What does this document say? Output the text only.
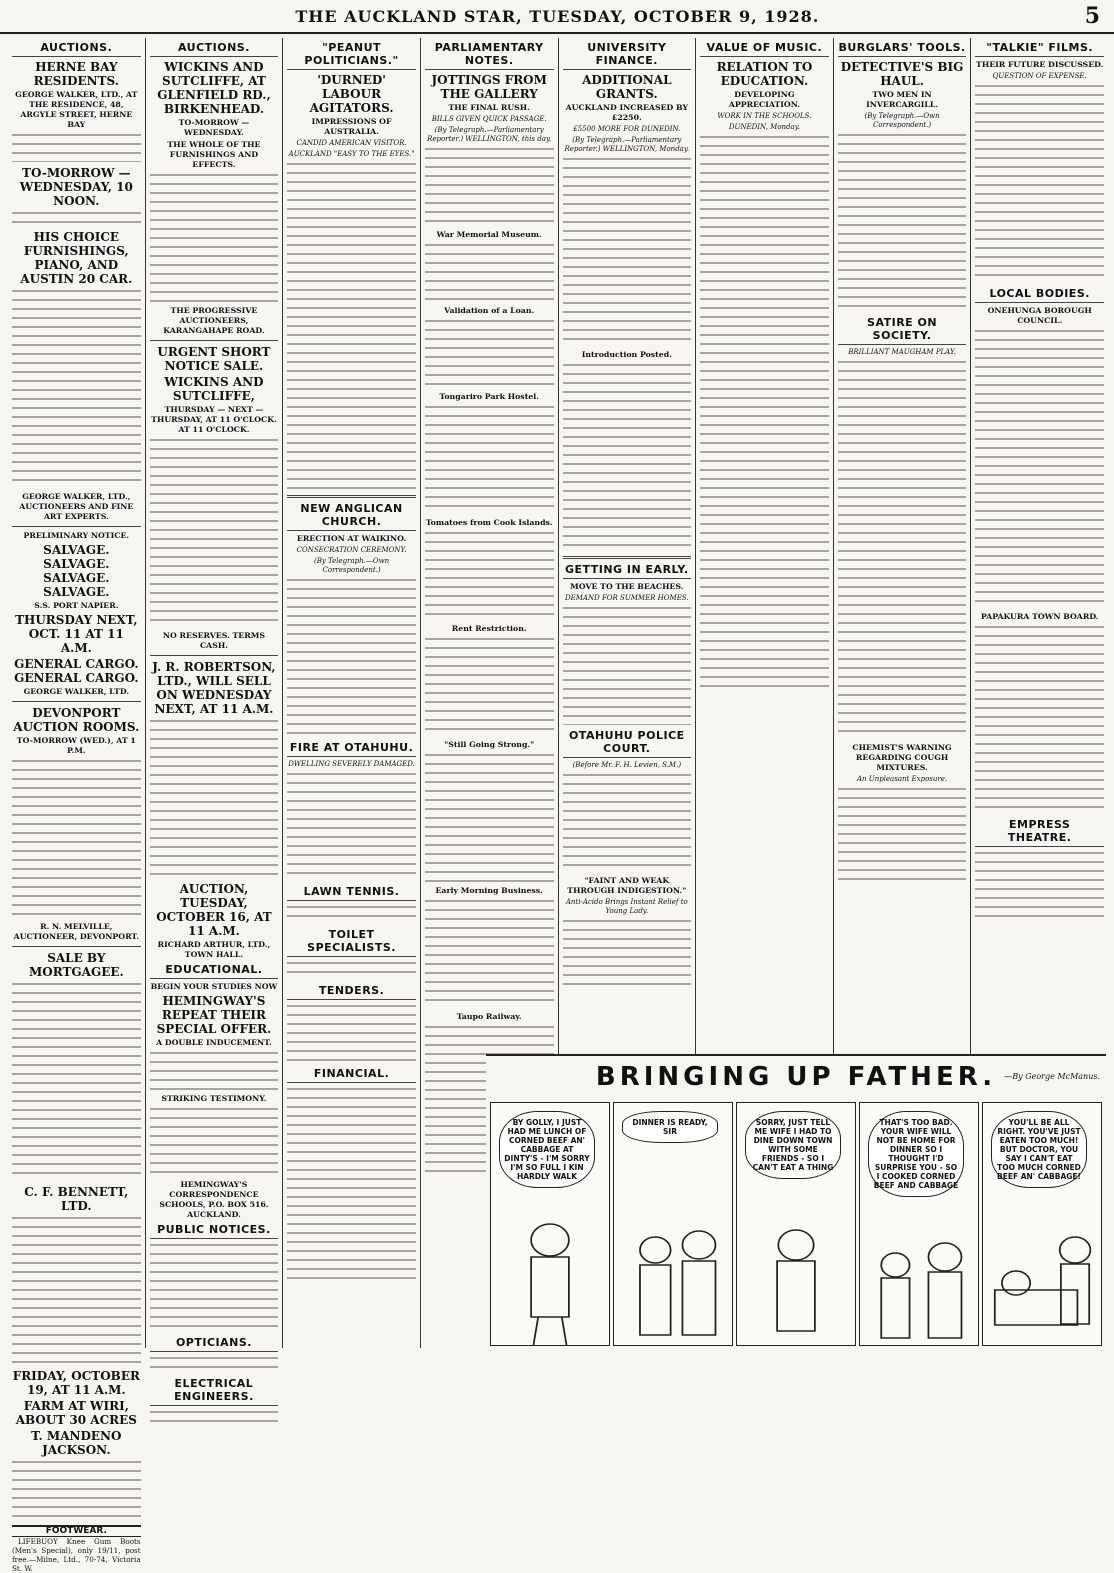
THE AUCKLAND STAR, TUESDAY, OCTOBER 9, 1928.	5
AUCTIONS.
HERNE BAY RESIDENTS.
GEORGE WALKER, LTD., AT THE RESIDENCE, 48, ARGYLE STREET, HERNE BAY
TO-MORROW — WEDNESDAY, 10 NOON.
HIS CHOICE FURNISHINGS, PIANO, AND AUSTIN 20 CAR.
GEORGE WALKER, LTD., AUCTIONEERS AND FINE ART EXPERTS.
PRELIMINARY NOTICE.
SALVAGE. SALVAGE. SALVAGE. SALVAGE.
S.S. PORT NAPIER.
THURSDAY NEXT, OCT. 11 AT 11 A.M.
GENERAL CARGO. GENERAL CARGO.
GEORGE WALKER, LTD.
DEVONPORT AUCTION ROOMS.
TO-MORROW (WED.), AT 1 P.M.
R. N. MELVILLE, AUCTIONEER, DEVONPORT.
SALE BY MORTGAGEE.
C. F. BENNETT, LTD.
FRIDAY, OCTOBER 19, AT 11 A.M.
FARM AT WIRI, ABOUT 30 ACRES
T. MANDENO JACKSON.
FOOTWEAR.
LIFEBUOY Knee Gum Boots (Men's Special), only 19/11, post free.—Milne, Ltd., 70-74, Victoria St. W.
AUCTIONS.
WICKINS AND SUTCLIFFE, AT GLENFIELD RD., BIRKENHEAD.
TO-MORROW — WEDNESDAY.
THE WHOLE OF THE FURNISHINGS AND EFFECTS.
THE PROGRESSIVE AUCTIONEERS, KARANGAHAPE ROAD.
URGENT SHORT NOTICE SALE.
WICKINS AND SUTCLIFFE,
THURSDAY — NEXT — THURSDAY, AT 11 O'CLOCK. AT 11 O'CLOCK.
NO RESERVES. TERMS CASH.
J. R. ROBERTSON, LTD., WILL SELL ON WEDNESDAY NEXT, AT 11 A.M.
AUCTION, TUESDAY, OCTOBER 16, AT 11 A.M.
RICHARD ARTHUR, LTD., TOWN HALL.
EDUCATIONAL.
BEGIN YOUR STUDIES NOW
HEMINGWAY'S REPEAT THEIR SPECIAL OFFER.
A DOUBLE INDUCEMENT.
STRIKING TESTIMONY.
HEMINGWAY'S CORRESPONDENCE SCHOOLS, P.O. BOX 516. AUCKLAND.
PUBLIC NOTICES.
OPTICIANS.
ELECTRICAL ENGINEERS.
"PEANUT POLITICIANS."
'DURNED' LABOUR AGITATORS.
IMPRESSIONS OF AUSTRALIA.
CANDID AMERICAN VISITOR.
AUCKLAND "EASY TO THE EYES."
NEW ANGLICAN CHURCH.
ERECTION AT WAIKINO.
CONSECRATION CEREMONY.
(By Telegraph.—Own Correspondent.)
FIRE AT OTAHUHU.
DWELLING SEVERELY DAMAGED.
LAWN TENNIS.
TOILET SPECIALISTS.
TENDERS.
FINANCIAL.
PARLIAMENTARY NOTES.
JOTTINGS FROM THE GALLERY
THE FINAL RUSH.
BILLS GIVEN QUICK PASSAGE.
(By Telegraph.—Parliamentary Reporter.) WELLINGTON, this day.
War Memorial Museum.
Validation of a Loan.
Tongariro Park Hostel.
Tomatoes from Cook Islands.
Rent Restriction.
"Still Going Strong."
Early Morning Business.
Taupo Railway.
UNIVERSITY FINANCE.
ADDITIONAL GRANTS.
AUCKLAND INCREASED BY £2250.
£5500 MORE FOR DUNEDIN.
(By Telegraph.—Parliamentary Reporter.) WELLINGTON, Monday.
Introduction Posted.
GETTING IN EARLY.
MOVE TO THE BEACHES.
DEMAND FOR SUMMER HOMES.
OTAHUHU POLICE COURT.
(Before Mr. F. H. Levien, S.M.)
"FAINT AND WEAK THROUGH INDIGESTION."
Anti-Acido Brings Instant Relief to Young Lady.
VALUE OF MUSIC.
RELATION TO EDUCATION.
DEVELOPING APPRECIATION.
WORK IN THE SCHOOLS.
DUNEDIN, Monday.
BURGLARS' TOOLS.
DETECTIVE'S BIG HAUL.
TWO MEN IN INVERCARGILL.
(By Telegraph.—Own Correspondent.)
SATIRE ON SOCIETY.
BRILLIANT MAUGHAM PLAY.
CHEMIST'S WARNING REGARDING COUGH MIXTURES.
An Unpleasant Exposure.
"TALKIE" FILMS.
THEIR FUTURE DISCUSSED.
QUESTION OF EXPENSE.
LOCAL BODIES.
ONEHUNGA BOROUGH COUNCIL.
PAPAKURA TOWN BOARD.
EMPRESS THEATRE.
BRINGING UP FATHER.	—By George McManus.
BY GOLLY, I JUST HAD ME LUNCH OF CORNED BEEF AN' CABBAGE AT DINTY'S - I'M SORRY I'M SO FULL I KIN HARDLY WALK
DINNER IS READY, SIR
SORRY, JUST TELL ME WIFE I HAD TO DINE DOWN TOWN WITH SOME FRIENDS - SO I CAN'T EAT A THING
THAT'S TOO BAD. YOUR WIFE WILL NOT BE HOME FOR DINNER SO I THOUGHT I'D SURPRISE YOU - SO I COOKED CORNED BEEF AND CABBAGE
YOU'LL BE ALL RIGHT. YOU'VE JUST EATEN TOO MUCH! BUT DOCTOR, YOU SAY I CAN'T EAT TOO MUCH CORNED BEEF AN' CABBAGE!
